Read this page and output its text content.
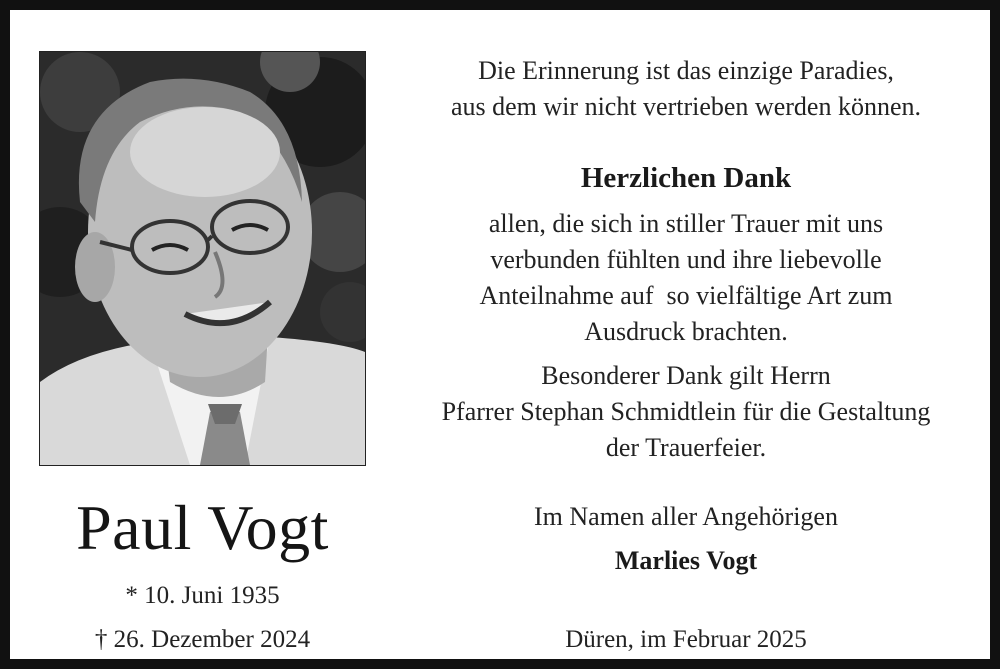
Paul Vogt
* 10. Juni 1935
† 26. Dezember 2024
Die Erinnerung ist das einzige Paradies,
aus dem wir nicht vertrieben werden können.
Herzlichen Dank
allen, die sich in stiller Trauer mit uns
verbunden fühlten und ihre liebevolle
Anteilnahme auf  so vielfältige Art zum
Ausdruck brachten.
Besonderer Dank gilt Herrn
Pfarrer Stephan Schmidtlein für die Gestaltung
der Trauerfeier.
Im Namen aller Angehörigen
Marlies Vogt
Düren, im Februar 2025
